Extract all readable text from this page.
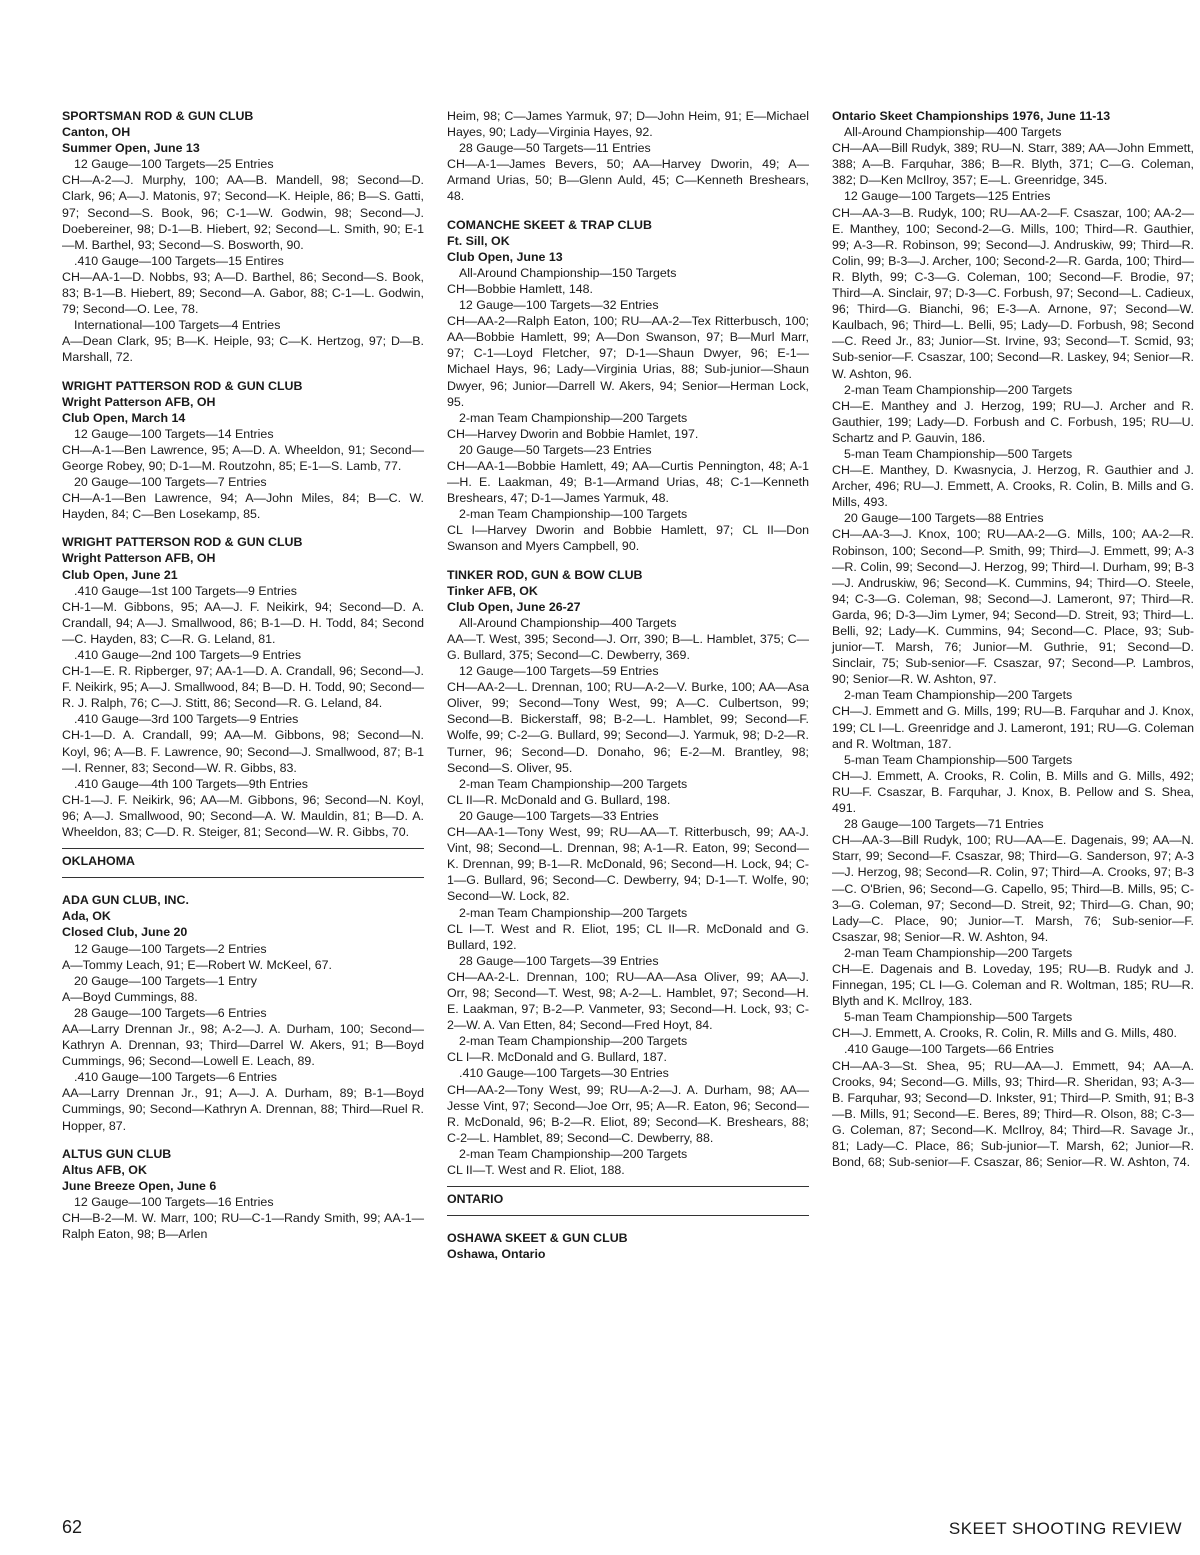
SPORTSMAN ROD & GUN CLUB
Canton, OH
Summer Open, June 13

12 Gauge—100 Targets—25 Entries

CH—A-2—J. Murphy, 100; AA—B. Mandell, 98; Second—D. Clark, 96; A—J. Matonis, 97; Second—K. Heiple, 86; B—S. Gatti, 97; Second—S. Book, 96; C-1—W. Godwin, 98; Second—J. Doebereiner, 98; D-1—B. Hiebert, 92; Second—L. Smith, 90; E-1—M. Barthel, 93; Second—S. Bosworth, 90.

.410 Gauge—100 Targets—15 Entires

CH—AA-1—D. Nobbs, 93; A—D. Barthel, 86; Second—S. Book, 83; B-1—B. Hiebert, 89; Second—A. Gabor, 88; C-1—L. Godwin, 79; Second—O. Lee, 78.

International—100 Targets—4 Entries

A—Dean Clark, 95; B—K. Heiple, 93; C—K. Hertzog, 97; D—B. Marshall, 72.

WRIGHT PATTERSON ROD & GUN CLUB
Wright Patterson AFB, OH
Club Open, March 14

12 Gauge—100 Targets—14 Entries

CH—A-1—Ben Lawrence, 95; A—D. A. Wheeldon, 91; Second—George Robey, 90; D-1—M. Routzohn, 85; E-1—S. Lamb, 77.

20 Gauge—100 Targets—7 Entries

CH—A-1—Ben Lawrence, 94; A—John Miles, 84; B—C. W. Hayden, 84; C—Ben Losekamp, 85.

WRIGHT PATTERSON ROD & GUN CLUB
Wright Patterson AFB, OH
Club Open, June 21

.410 Gauge—1st 100 Targets—9 Entries

CH-1—M. Gibbons, 95; AA—J. F. Neikirk, 94; Second—D. A. Crandall, 94; A—J. Smallwood, 86; B-1—D. H. Todd, 84; Second—C. Hayden, 83; C—R. G. Leland, 81.

.410 Gauge—2nd 100 Targets—9 Entries

CH-1—E. R. Ripberger, 97; AA-1—D. A. Crandall, 96; Second—J. F. Neikirk, 95; A—J. Smallwood, 84; B—D. H. Todd, 90; Second—R. J. Ralph, 76; C—J. Stitt, 86; Second—R. G. Leland, 84.

.410 Gauge—3rd 100 Targets—9 Entries

CH-1—D. A. Crandall, 99; AA—M. Gibbons, 98; Second—N. Koyl, 96; A—B. F. Lawrence, 90; Second—J. Smallwood, 87; B-1—I. Renner, 83; Second—W. R. Gibbs, 83.

.410 Gauge—4th 100 Targets—9th Entries

CH-1—J. F. Neikirk, 96; AA—M. Gibbons, 96; Second—N. Koyl, 96; A—J. Smallwood, 90; Second—A. W. Mauldin, 81; B—D. A. Wheeldon, 83; C—D. R. Steiger, 81; Second—W. R. Gibbs, 70.

OKLAHOMA
ADA GUN CLUB, INC.
Ada, OK
Closed Club, June 20

12 Gauge—100 Targets—2 Entries

A—Tommy Leach, 91; E—Robert W. McKeel, 67.

20 Gauge—100 Targets—1 Entry

A—Boyd Cummings, 88.

28 Gauge—100 Targets—6 Entries

AA—Larry Drennan Jr., 98; A-2—J. A. Durham, 100; Second—Kathryn A. Drennan, 93; Third—Darrel W. Akers, 91; B—Boyd Cummings, 96; Second—Lowell E. Leach, 89.

.410 Gauge—100 Targets—6 Entries

AA—Larry Drennan Jr., 91; A—J. A. Durham, 89; B-1—Boyd Cummings, 90; Second—Kathryn A. Drennan, 88; Third—Ruel R. Hopper, 87.

ALTUS GUN CLUB
Altus AFB, OK
June Breeze Open, June 6

12 Gauge—100 Targets—16 Entries

CH—B-2—M. W. Marr, 100; RU—C-1—Randy Smith, 99; AA-1—Ralph Eaton, 98; B—Arlen

Heim, 98; C—James Yarmuk, 97; D—John Heim, 91; E—Michael Hayes, 90; Lady—Virginia Hayes, 92.

28 Gauge—50 Targets—11 Entries

CH—A-1—James Bevers, 50; AA—Harvey Dworin, 49; A—Armand Urias, 50; B—Glenn Auld, 45; C—Kenneth Breshears, 48.

COMANCHE SKEET & TRAP CLUB
Ft. Sill, OK
Club Open, June 13

All-Around Championship—150 Targets

CH—Bobbie Hamlett, 148.

12 Gauge—100 Targets—32 Entries

CH—AA-2—Ralph Eaton, 100; RU—AA-2—Tex Ritterbusch, 100; AA—Bobbie Hamlett, 99; A—Don Swanson, 97; B—Murl Marr, 97; C-1—Loyd Fletcher, 97; D-1—Shaun Dwyer, 96; E-1—Michael Hays, 96; Lady—Virginia Urias, 88; Sub-junior—Shaun Dwyer, 96; Junior—Darrell W. Akers, 94; Senior—Herman Lock, 95.

2-man Team Championship—200 Targets

CH—Harvey Dworin and Bobbie Hamlet, 197.

20 Gauge—50 Targets—23 Entries

CH—AA-1—Bobbie Hamlett, 49; AA—Curtis Pennington, 48; A-1—H. E. Laakman, 49; B-1—Armand Urias, 48; C-1—Kenneth Breshears, 47; D-1—James Yarmuk, 48.

2-man Team Championship—100 Targets

CL I—Harvey Dworin and Bobbie Hamlett, 97; CL II—Don Swanson and Myers Campbell, 90.

TINKER ROD, GUN & BOW CLUB
Tinker AFB, OK
Club Open, June 26-27

All-Around Championship—400 Targets

AA—T. West, 395; Second—J. Orr, 390; B—L. Hamblet, 375; C—G. Bullard, 375; Second—C. Dewberry, 369.

12 Gauge—100 Targets—59 Entries

CH—AA-2—L. Drennan, 100; RU—A-2—V. Burke, 100; AA—Asa Oliver, 99; Second—Tony West, 99; A—C. Culbertson, 99; Second—B. Bickerstaff, 98; B-2—L. Hamblet, 99; Second—F. Wolfe, 99; C-2—G. Bullard, 99; Second—J. Yarmuk, 98; D-2—R. Turner, 96; Second—D. Donaho, 96; E-2—M. Brantley, 98; Second—S. Oliver, 95.

2-man Team Championship—200 Targets

CL II—R. McDonald and G. Bullard, 198.

20 Gauge—100 Targets—33 Entries

CH—AA-1—Tony West, 99; RU—AA—T. Ritterbusch, 99; AA-J. Vint, 98; Second—L. Drennan, 98; A-1—R. Eaton, 99; Second—K. Drennan, 99; B-1—R. McDonald, 96; Second—H. Lock, 94; C-1—G. Bullard, 96; Second—C. Dewberry, 94; D-1—T. Wolfe, 90; Second—W. Lock, 82.

2-man Team Championship—200 Targets

CL I—T. West and R. Eliot, 195; CL II—R. McDonald and G. Bullard, 192.

28 Gauge—100 Targets—39 Entries

CH—AA-2-L. Drennan, 100; RU—AA—Asa Oliver, 99; AA—J. Orr, 98; Second—T. West, 98; A-2—L. Hamblet, 97; Second—H. E. Laakman, 97; B-2—P. Vanmeter, 93; Second—H. Lock, 93; C-2—W. A. Van Etten, 84; Second—Fred Hoyt, 84.

2-man Team Championship—200 Targets

CL I—R. McDonald and G. Bullard, 187.

.410 Gauge—100 Targets—30 Entries

CH—AA-2—Tony West, 99; RU—A-2—J. A. Durham, 98; AA—Jesse Vint, 97; Second—Joe Orr, 95; A—R. Eaton, 96; Second—R. McDonald, 96; B-2—R. Eliot, 89; Second—K. Breshears, 88; C-2—L. Hamblet, 89; Second—C. Dewberry, 88.

2-man Team Championship—200 Targets

CL II—T. West and R. Eliot, 188.

ONTARIO
OSHAWA SKEET & GUN CLUB
Oshawa, Ontario
Ontario Skeet Championships 1976, June 11-13

All-Around Championship—400 Targets

CH—AA—Bill Rudyk, 389; RU—N. Starr, 389; AA—John Emmett, 388; A—B. Farquhar, 386; B—R. Blyth, 371; C—G. Coleman, 382; D—Ken McIlroy, 357; E—L. Greenridge, 345.

12 Gauge—100 Targets—125 Entries

CH—AA-3—B. Rudyk, 100; RU—AA-2—F. Csaszar, 100; AA-2—E. Manthey, 100; Second-2—G. Mills, 100; Third—R. Gauthier, 99; A-3—R. Robinson, 99; Second—J. Andruskiw, 99; Third—R. Colin, 99; B-3—J. Archer, 100; Second-2—R. Garda, 100; Third—R. Blyth, 99; C-3—G. Coleman, 100; Second—F. Brodie, 97; Third—A. Sinclair, 97; D-3—C. Forbush, 97; Second—L. Cadieux, 96; Third—G. Bianchi, 96; E-3—A. Arnone, 97; Second—W. Kaulbach, 96; Third—L. Belli, 95; Lady—D. Forbush, 98; Second—C. Reed Jr., 83; Junior—St. Irvine, 93; Second—T. Scmid, 93; Sub-senior—F. Csaszar, 100; Second—R. Laskey, 94; Senior—R. W. Ashton, 96.

2-man Team Championship—200 Targets

CH—E. Manthey and J. Herzog, 199; RU—J. Archer and R. Gauthier, 199; Lady—D. Forbush and C. Forbush, 195; RU—U. Schartz and P. Gauvin, 186.

5-man Team Championship—500 Targets

CH—E. Manthey, D. Kwasnycia, J. Herzog, R. Gauthier and J. Archer, 496; RU—J. Emmett, A. Crooks, R. Colin, B. Mills and G. Mills, 493.

20 Gauge—100 Targets—88 Entries

CH—AA-3—J. Knox, 100; RU—AA-2—G. Mills, 100; AA-2—R. Robinson, 100; Second—P. Smith, 99; Third—J. Emmett, 99; A-3—R. Colin, 99; Second—J. Herzog, 99; Third—I. Durham, 99; B-3—J. Andruskiw, 96; Second—K. Cummins, 94; Third—O. Steele, 94; C-3—G. Coleman, 98; Second—J. Lameront, 97; Third—R. Garda, 96; D-3—Jim Lymer, 94; Second—D. Streit, 93; Third—L. Belli, 92; Lady—K. Cummins, 94; Second—C. Place, 93; Sub-junior—T. Marsh, 76; Junior—M. Guthrie, 91; Second—D. Sinclair, 75; Sub-senior—F. Csaszar, 97; Second—P. Lambros, 90; Senior—R. W. Ashton, 97.

2-man Team Championship—200 Targets

CH—J. Emmett and G. Mills, 199; RU—B. Farquhar and J. Knox, 199; CL I—L. Greenridge and J. Lameront, 191; RU—G. Coleman and R. Woltman, 187.

5-man Team Championship—500 Targets

CH—J. Emmett, A. Crooks, R. Colin, B. Mills and G. Mills, 492; RU—F. Csaszar, B. Farquhar, J. Knox, B. Pellow and S. Shea, 491.

28 Gauge—100 Targets—71 Entries

CH—AA-3—Bill Rudyk, 100; RU—AA—E. Dagenais, 99; AA—N. Starr, 99; Second—F. Csaszar, 98; Third—G. Sanderson, 97; A-3—J. Herzog, 98; Second—R. Colin, 97; Third—A. Crooks, 97; B-3—C. O'Brien, 96; Second—G. Capello, 95; Third—B. Mills, 95; C-3—G. Coleman, 97; Second—D. Streit, 92; Third—G. Chan, 90; Lady—C. Place, 90; Junior—T. Marsh, 76; Sub-senior—F. Csaszar, 98; Senior—R. W. Ashton, 94.

2-man Team Championship—200 Targets

CH—E. Dagenais and B. Loveday, 195; RU—B. Rudyk and J. Finnegan, 195; CL I—G. Coleman and R. Woltman, 185; RU—R. Blyth and K. McIlroy, 183.

5-man Team Championship—500 Targets

CH—J. Emmett, A. Crooks, R. Colin, R. Mills and G. Mills, 480.

.410 Gauge—100 Targets—66 Entries

CH—AA-3—St. Shea, 95; RU—AA—J. Emmett, 94; AA—A. Crooks, 94; Second—G. Mills, 93; Third—R. Sheridan, 93; A-3—B. Farquhar, 93; Second—D. Inkster, 91; Third—P. Smith, 91; B-3—B. Mills, 91; Second—E. Beres, 89; Third—R. Olson, 88; C-3—G. Coleman, 87; Second—K. McIlroy, 84; Third—R. Savage Jr., 81; Lady—C. Place, 86; Sub-junior—T. Marsh, 62; Junior—R. Bond, 68; Sub-senior—F. Csaszar, 86; Senior—R. W. Ashton, 74.

62	SKEET SHOOTING REVIEW
